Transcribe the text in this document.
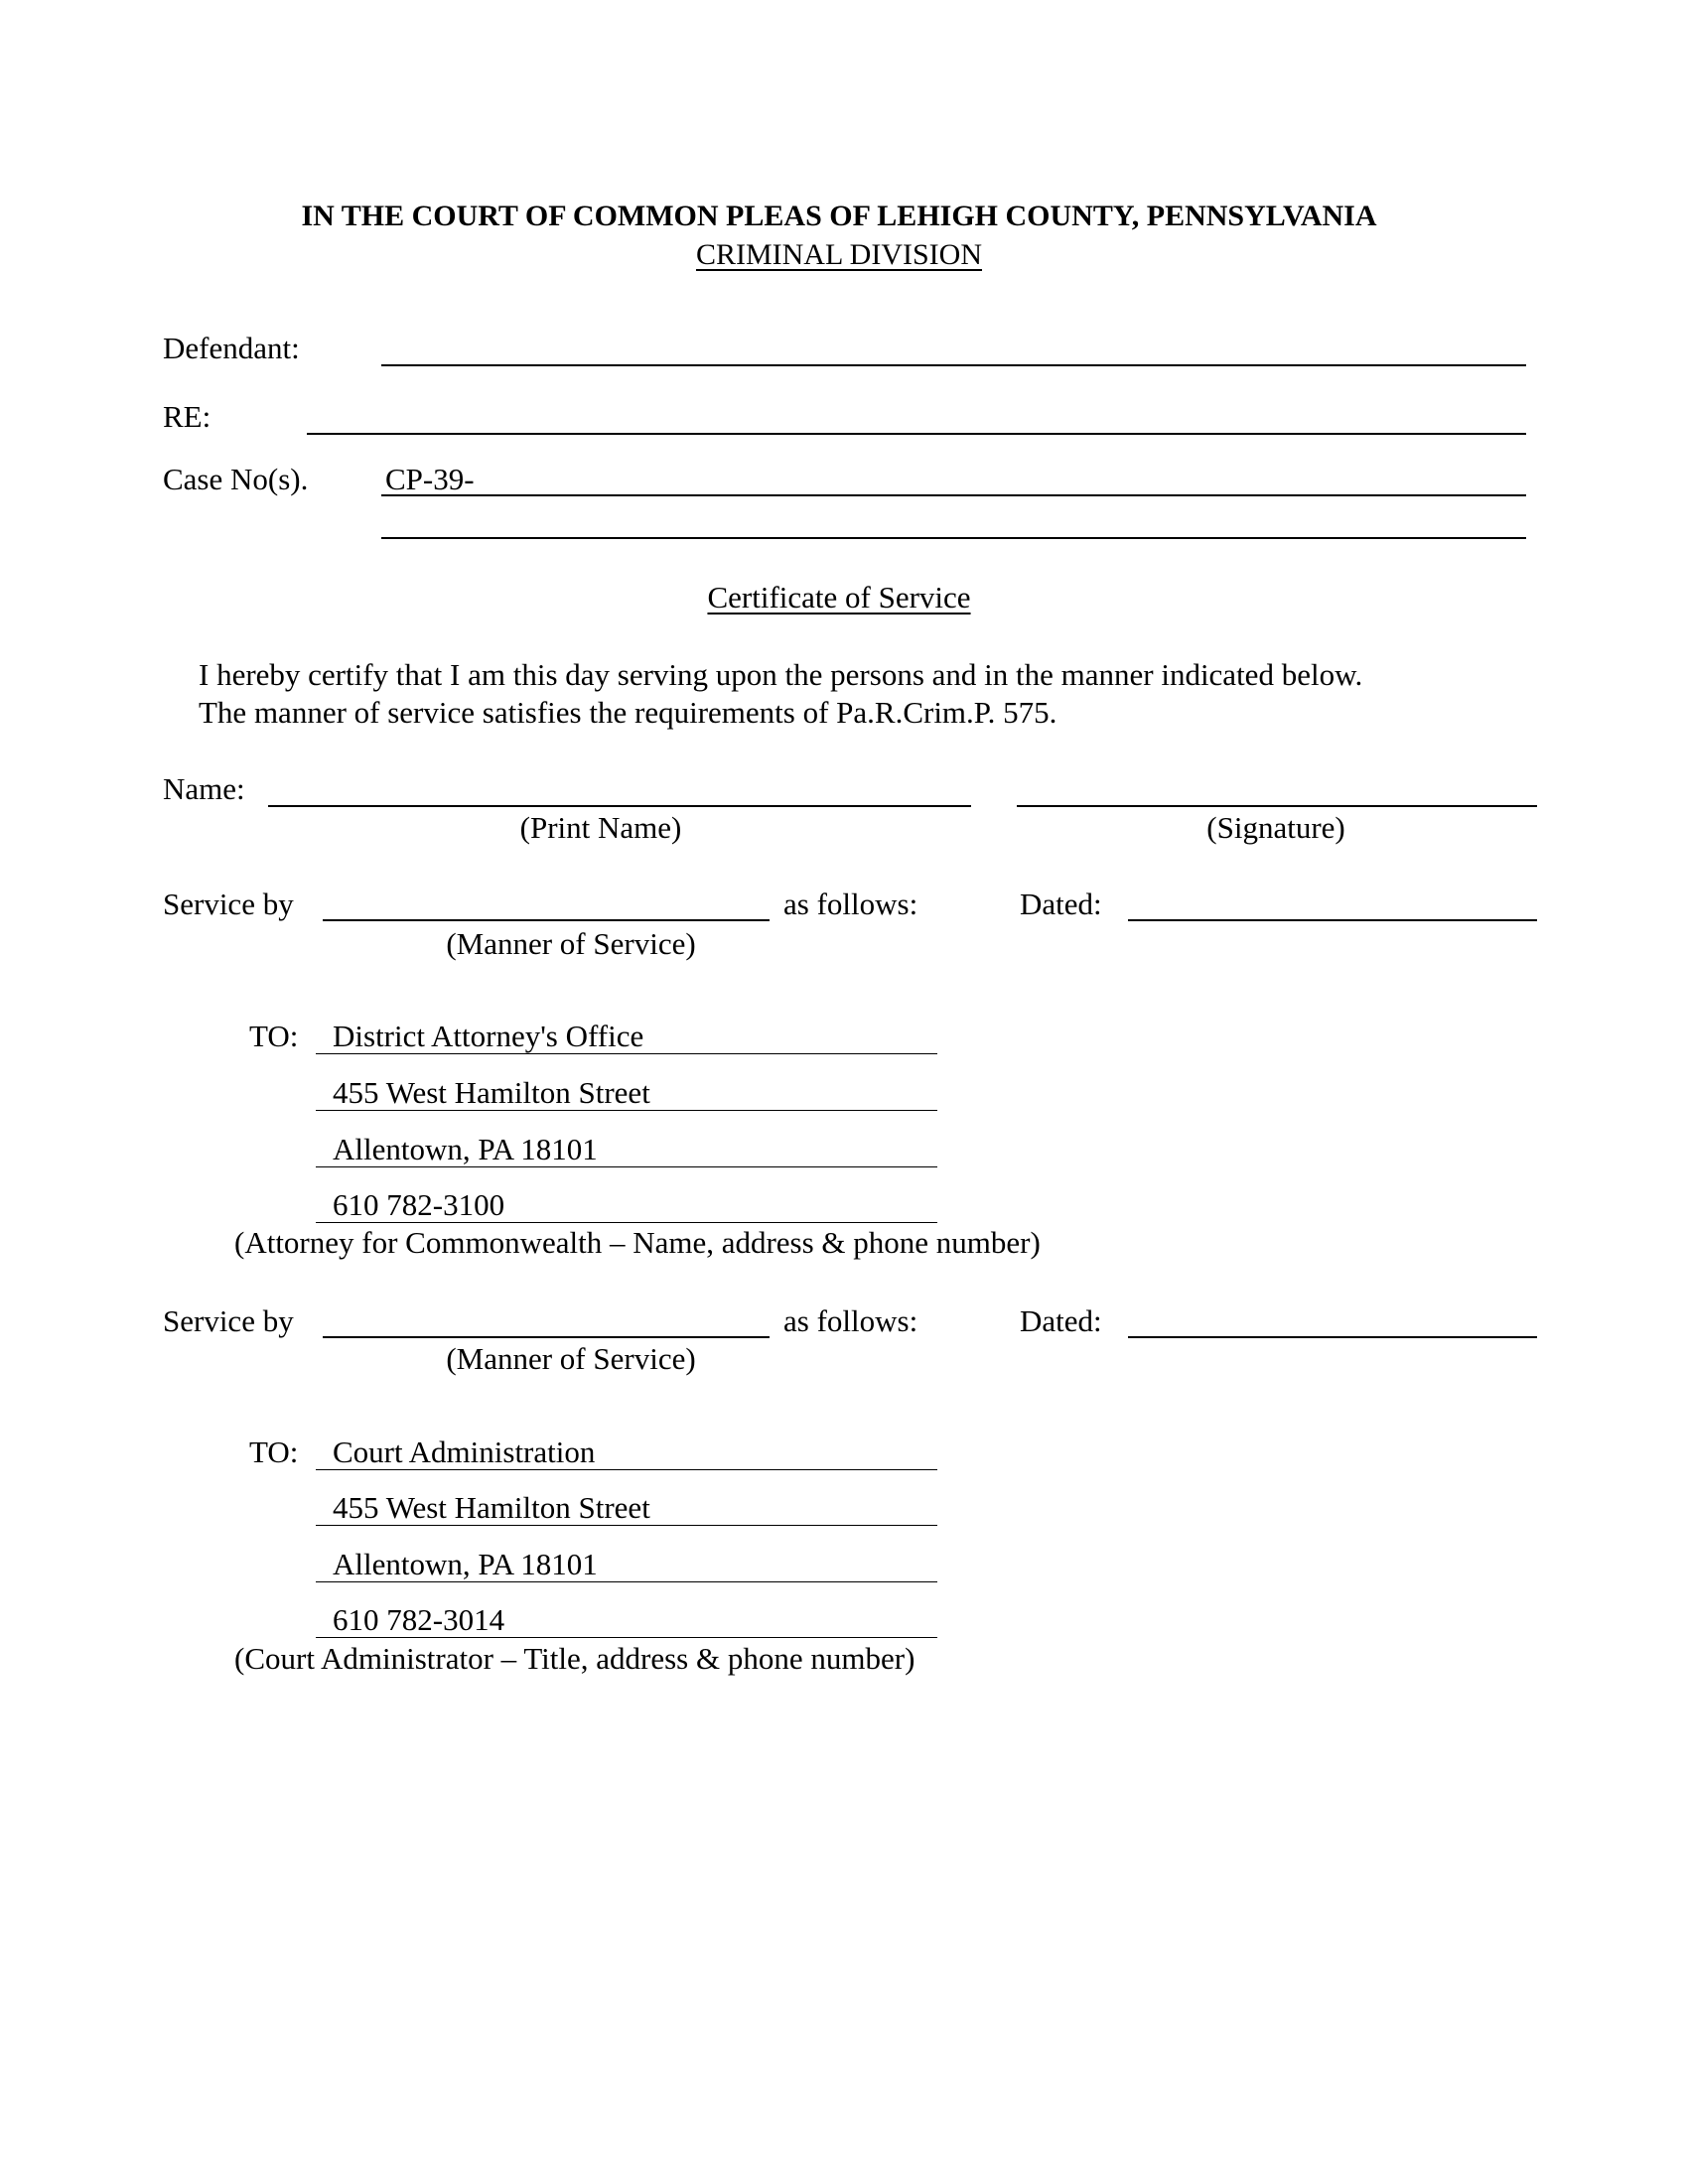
IN THE COURT OF COMMON PLEAS OF LEHIGH COUNTY, PENNSYLVANIA
CRIMINAL DIVISION
Defendant:
RE:
Case No(s).	CP-39-
Certificate of Service
I hereby certify that I am this day serving upon the persons and in the manner indicated below.
The manner of service satisfies the requirements of Pa.R.Crim.P. 575.
Name:
(Print Name)	(Signature)
Service by	as follows:	Dated:
(Manner of Service)
TO: District Attorney's Office
455 West Hamilton Street
Allentown, PA 18101
610 782-3100
(Attorney for Commonwealth – Name, address & phone number)
Service by	as follows:	Dated:
(Manner of Service)
TO: Court Administration
455 West Hamilton Street
Allentown, PA 18101
610 782-3014
(Court Administrator – Title, address & phone number)
